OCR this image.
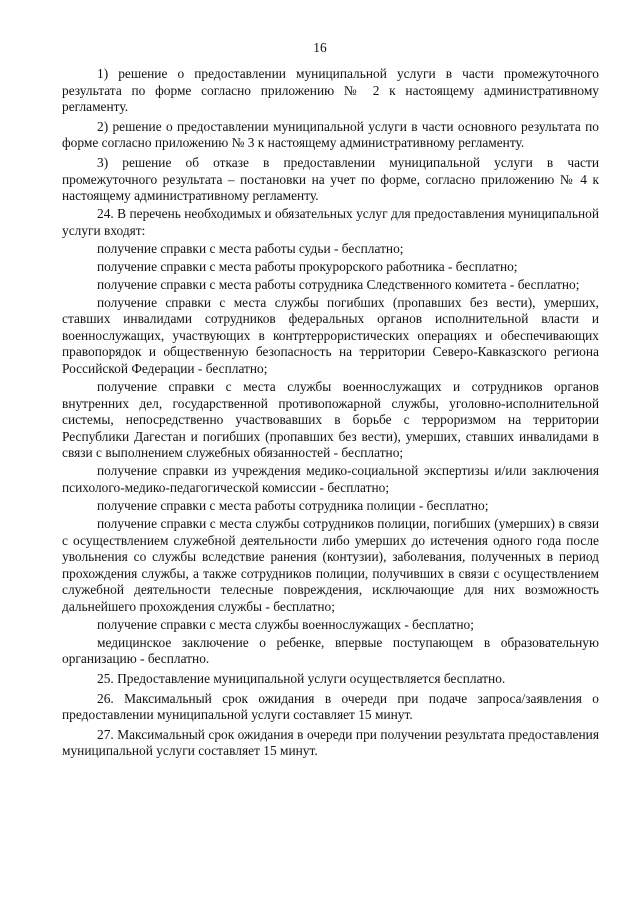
16

1) решение о предоставлении муниципальной услуги в части промежуточного результата по форме согласно приложению № 2 к настоящему административному регламенту.

2) решение о предоставлении муниципальной услуги в части основного результата по форме согласно приложению № 3 к настоящему административному регламенту.

3) решение об отказе в предоставлении муниципальной услуги в части промежуточного результата – постановки на учет по форме, согласно приложению № 4 к настоящему административному регламенту.

24. В перечень необходимых и обязательных услуг для предоставления муниципальной услуги входят:

получение справки с места работы судьи - бесплатно;

получение справки с места работы прокурорского работника - бесплатно;

получение справки с места работы сотрудника Следственного комитета - бесплатно;

получение справки с места службы погибших (пропавших без вести), умерших, ставших инвалидами сотрудников федеральных органов исполнительной власти и военнослужащих, участвующих в контртеррористических операциях и обеспечивающих правопорядок и общественную безопасность на территории Северо-Кавказского региона Российской Федерации - бесплатно;

получение справки с места службы военнослужащих и сотрудников органов внутренних дел, государственной противопожарной службы, уголовно-исполнительной системы, непосредственно участвовавших в борьбе с терроризмом на территории Республики Дагестан и погибших (пропавших без вести), умерших, ставших инвалидами в связи с выполнением служебных обязанностей - бесплатно;

получение справки из учреждения медико-социальной экспертизы и/или заключения психолого-медико-педагогической комиссии - бесплатно;

получение справки с места работы сотрудника полиции - бесплатно;

получение справки с места службы сотрудников полиции, погибших (умерших) в связи с осуществлением служебной деятельности либо умерших до истечения одного года после увольнения со службы вследствие ранения (контузии), заболевания, полученных в период прохождения службы, а также сотрудников полиции, получивших в связи с осуществлением служебной деятельности телесные повреждения, исключающие для них возможность дальнейшего прохождения службы - бесплатно;

получение справки с места службы военнослужащих - бесплатно;

медицинское заключение о ребенке, впервые поступающем в образовательную организацию - бесплатно.

25. Предоставление муниципальной услуги осуществляется бесплатно.

26. Максимальный срок ожидания в очереди при подаче запроса/заявления о предоставлении муниципальной услуги составляет 15 минут.

27. Максимальный срок ожидания в очереди при получении результата предоставления муниципальной услуги составляет 15 минут.
